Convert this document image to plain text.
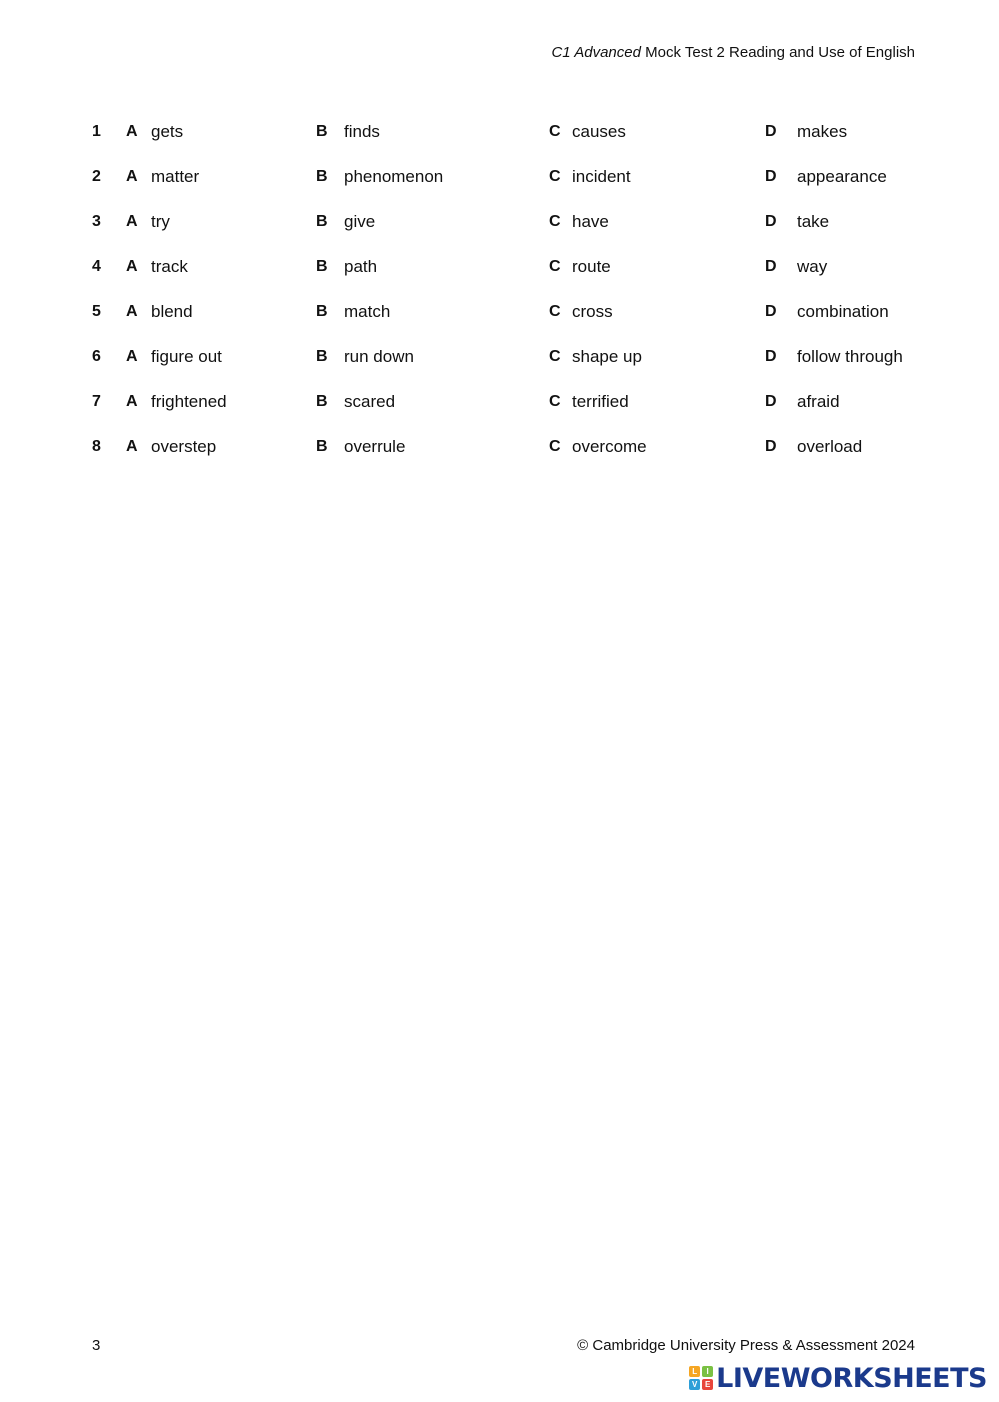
C1 Advanced Mock Test 2 Reading and Use of English
1 A gets	B finds	C causes	D makes
2 A matter	B phenomenon	C incident	D appearance
3 A try	B give	C have	D take
4 A track	B path	C route	D way
5 A blend	B match	C cross	D combination
6 A figure out	B run down	C shape up	D follow through
7 A frightened	B scared	C terrified	D afraid
8 A overstep	B overrule	C overcome	D overload
3	© Cambridge University Press & Assessment 2024
L	I
V E LIVEWORKSHEETS
